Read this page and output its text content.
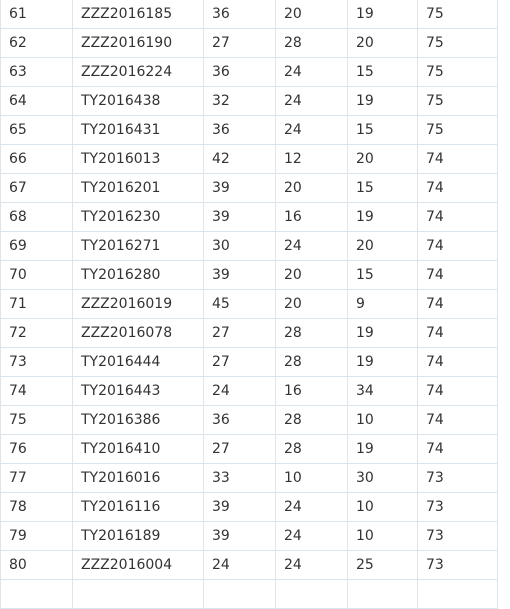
61	ZZZ2016185	36	20	19	75
62	ZZZ2016190	27	28	20	75
63	ZZZ2016224	36	24	15	75
64	TY2016438	32	24	19	75
65	TY2016431	36	24	15	75
66	TY2016013	42	12	20	74
67	TY2016201	39	20	15	74
68	TY2016230	39	16	19	74
69	TY2016271	30	24	20	74
70	TY2016280	39	20	15	74
71	ZZZ2016019	45	20	9	74
72	ZZZ2016078	27	28	19	74
73	TY2016444	27	28	19	74
74	TY2016443	24	16	34	74
75	TY2016386	36	28	10	74
76	TY2016410	27	28	19	74
77	TY2016016	33	10	30	73
78	TY2016116	39	24	10	73
79	TY2016189	39	24	10	73
80	ZZZ2016004	24	24	25	73
